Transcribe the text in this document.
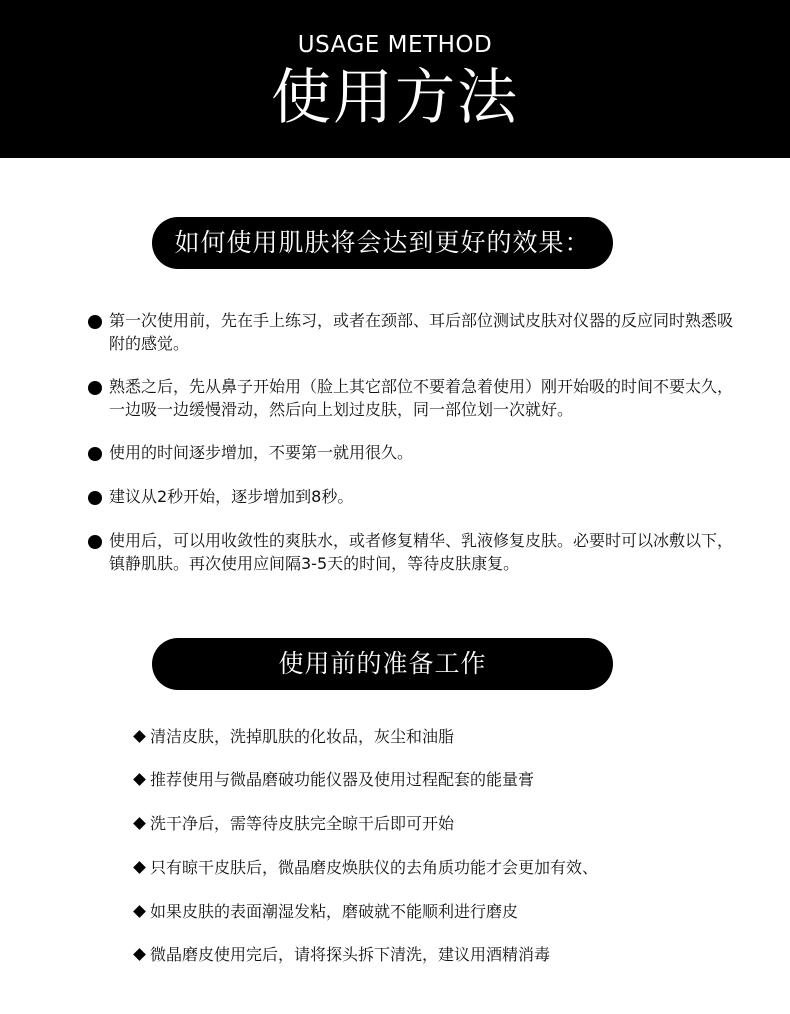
USAGE METHOD
使用方法
如何使用肌肤将会达到更好的效果：
第一次使用前，先在手上练习，或者在颈部、耳后部位测试皮肤对仪器的反应同时熟悉吸附的感觉。
熟悉之后，先从鼻子开始用（脸上其它部位不要着急着使用）刚开始吸的时间不要太久，一边吸一边缓慢滑动，然后向上划过皮肤，同一部位划一次就好。
使用的时间逐步增加，不要第一就用很久。
建议从2秒开始，逐步增加到8秒。
使用后，可以用收敛性的爽肤水，或者修复精华、乳液修复皮肤。必要时可以冰敷以下，镇静肌肤。再次使用应间隔3-5天的时间，等待皮肤康复。
使用前的准备工作
清洁皮肤，洗掉肌肤的化妆品，灰尘和油脂
推荐使用与微晶磨破功能仪器及使用过程配套的能量膏
洗干净后，需等待皮肤完全晾干后即可开始
只有晾干皮肤后，微晶磨皮焕肤仪的去角质功能才会更加有效、
如果皮肤的表面潮湿发粘，磨破就不能顺利进行磨皮
微晶磨皮使用完后，请将探头拆下清洗，建议用酒精消毒
